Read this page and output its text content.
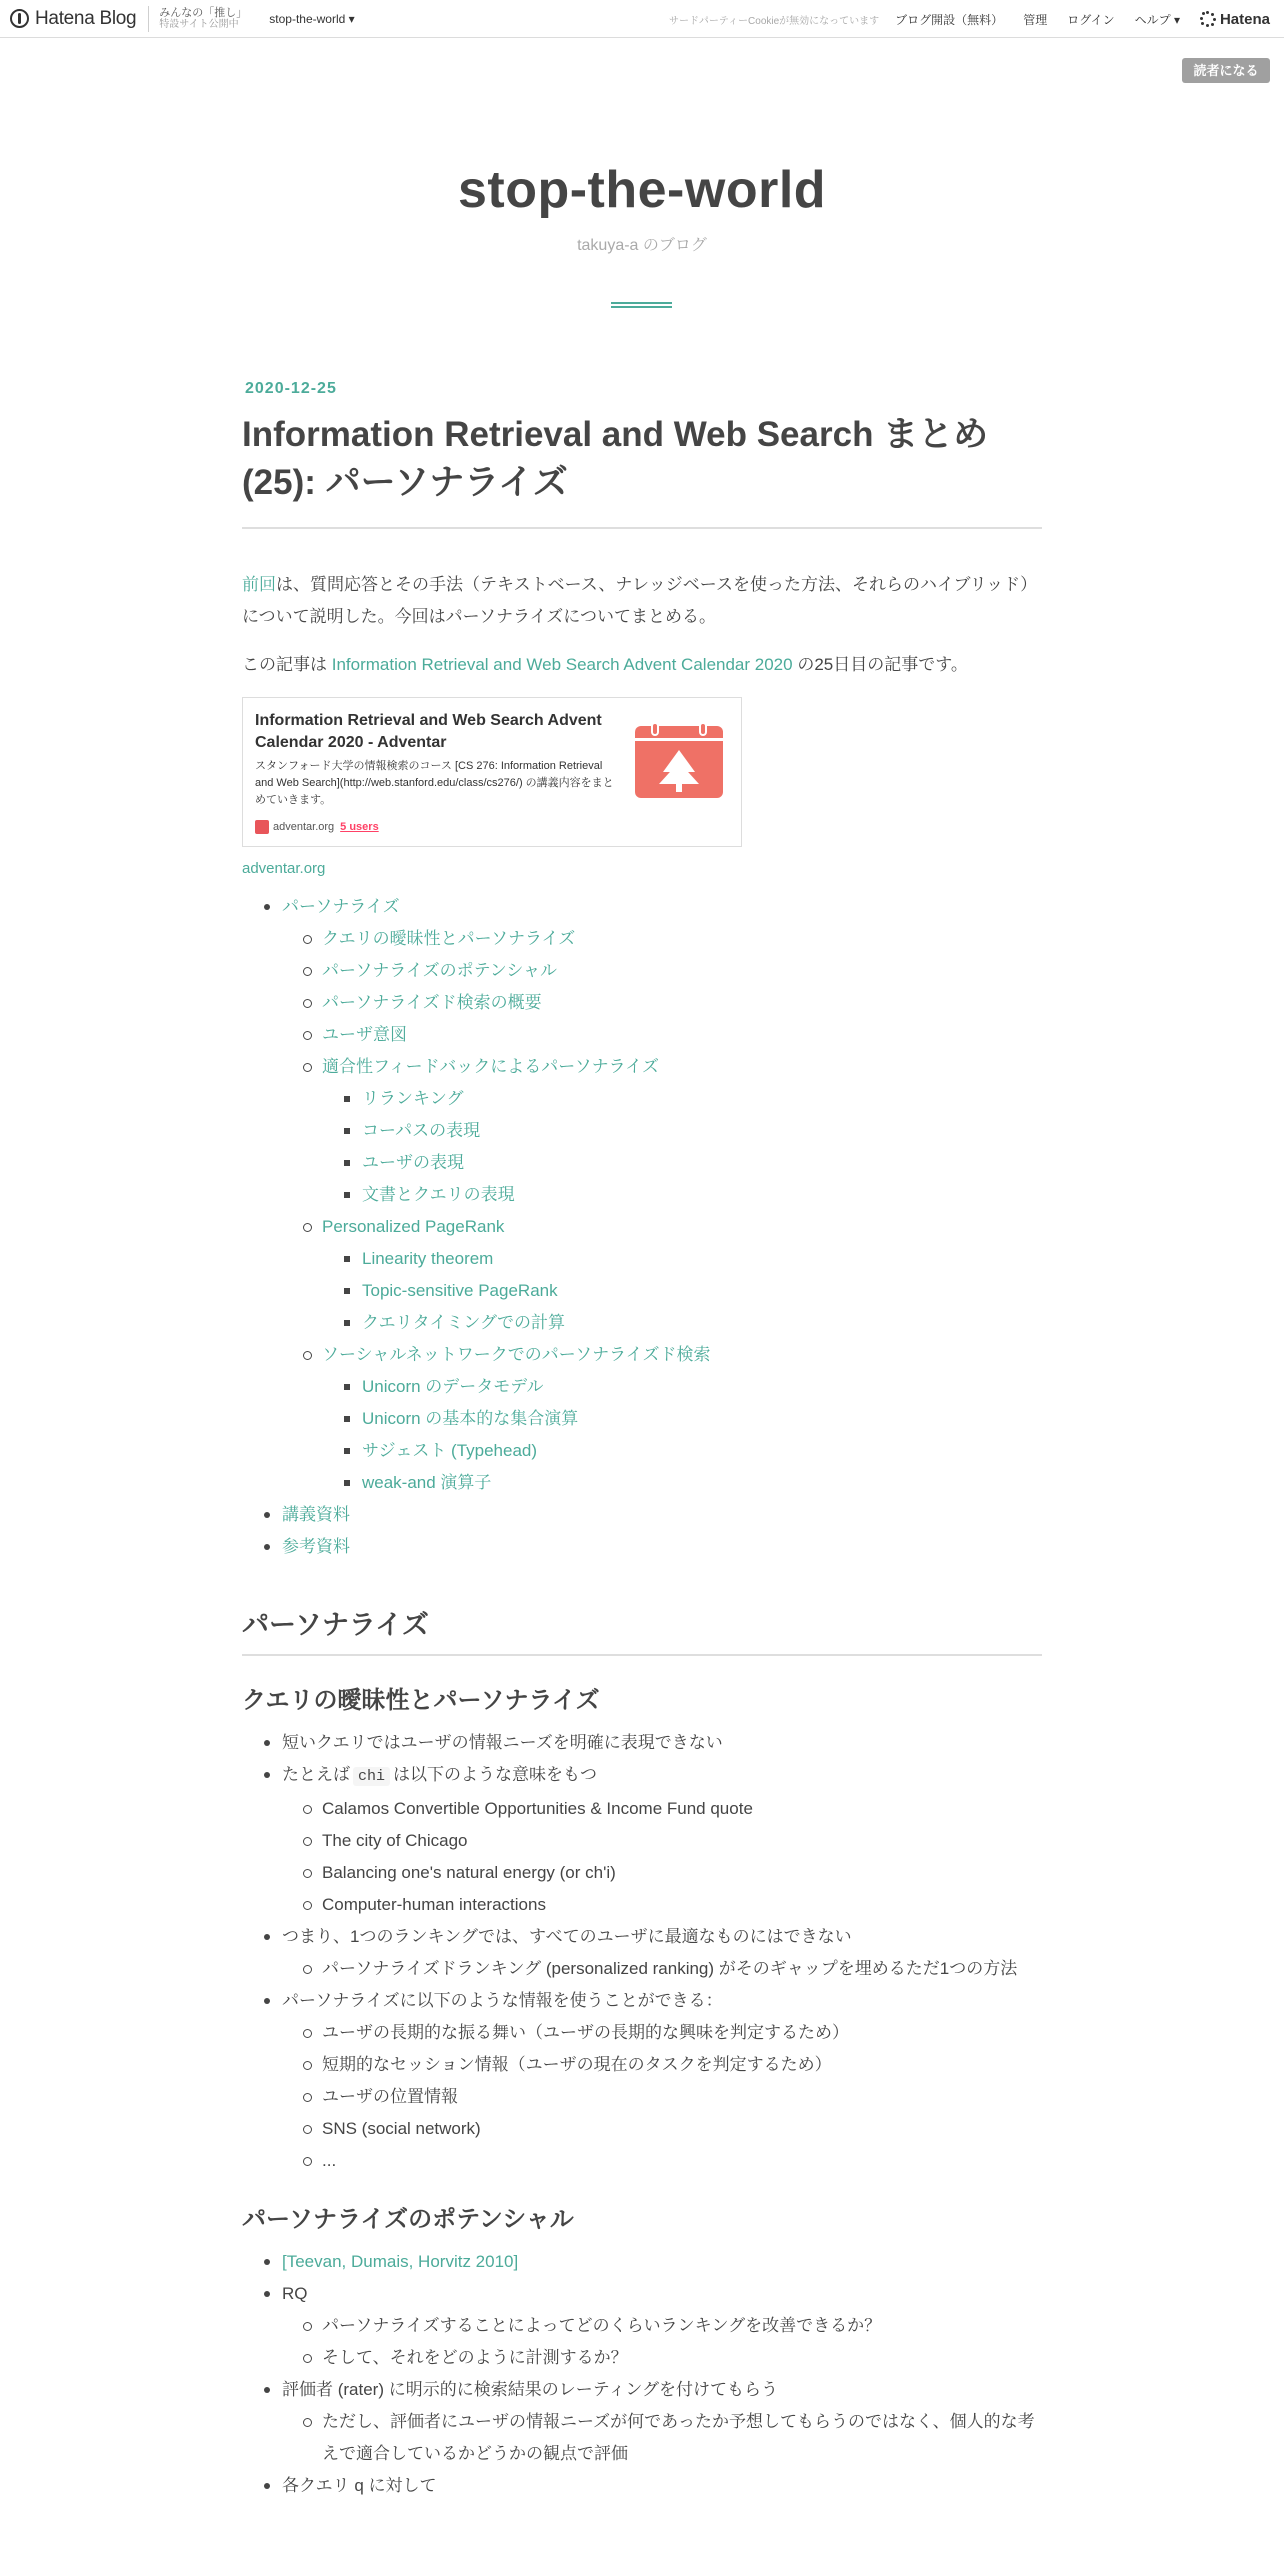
Hatena Blog みんなの「推し」
特設サイト公開中	stop-the-world ▾	サードパーティーCookieが無効になっています ブログ開設（無料） 管理 ログイン ヘルプ ▾	Hatena
読者になる
stop-the-world
takuya-a のブログ
2020-12-25
Information Retrieval and Web Search まとめ(25): パーソナライズ

前回は、質問応答とその手法（テキストベース、ナレッジベースを使った方法、それらのハイブリッド）について説明した。今回はパーソナライズについてまとめる。

この記事は Information Retrieval and Web Search Advent Calendar 2020 の25日目の記事です。

Information Retrieval and Web Search Advent Calendar 2020 - Adventar
スタンフォード大学の情報検索のコース [CS 276: Information Retrieval and Web Search](http://web.stanford.edu/class/cs276/) の講義内容をまとめていきます。
adventar.org 5 users
adventar.org
パーソナライズ
クエリの曖昧性とパーソナライズ
パーソナライズのポテンシャル
パーソナライズド検索の概要
ユーザ意図
適合性フィードバックによるパーソナライズ
リランキング
コーパスの表現
ユーザの表現
文書とクエリの表現
Personalized PageRank
Linearity theorem
Topic-sensitive PageRank
クエリタイミングでの計算
ソーシャルネットワークでのパーソナライズド検索
Unicorn のデータモデル
Unicorn の基本的な集合演算
サジェスト (Typehead)
weak-and 演算子
講義資料
参考資料
パーソナライズ
クエリの曖昧性とパーソナライズ
短いクエリではユーザの情報ニーズを明確に表現できない
たとえば chi は以下のような意味をもつ
Calamos Convertible Opportunities & Income Fund quote
The city of Chicago
Balancing one's natural energy (or ch'i)
Computer-human interactions
つまり、1つのランキングでは、すべてのユーザに最適なものにはできない
パーソナライズドランキング (personalized ranking) がそのギャップを埋めるただ1つの方法
パーソナライズに以下のような情報を使うことができる：
ユーザの長期的な振る舞い（ユーザの長期的な興味を判定するため）
短期的なセッション情報（ユーザの現在のタスクを判定するため）
ユーザの位置情報
SNS (social network)
...
パーソナライズのポテンシャル
[Teevan, Dumais, Horvitz 2010]
RQ
パーソナライズすることによってどのくらいランキングを改善できるか？
そして、それをどのように計測するか？
評価者 (rater) に明示的に検索結果のレーティングを付けてもらう
ただし、評価者にユーザの情報ニーズが何であったか予想してもらうのではなく、個人的な考えで適合しているかどうかの観点で評価
各クエリ q に対して
